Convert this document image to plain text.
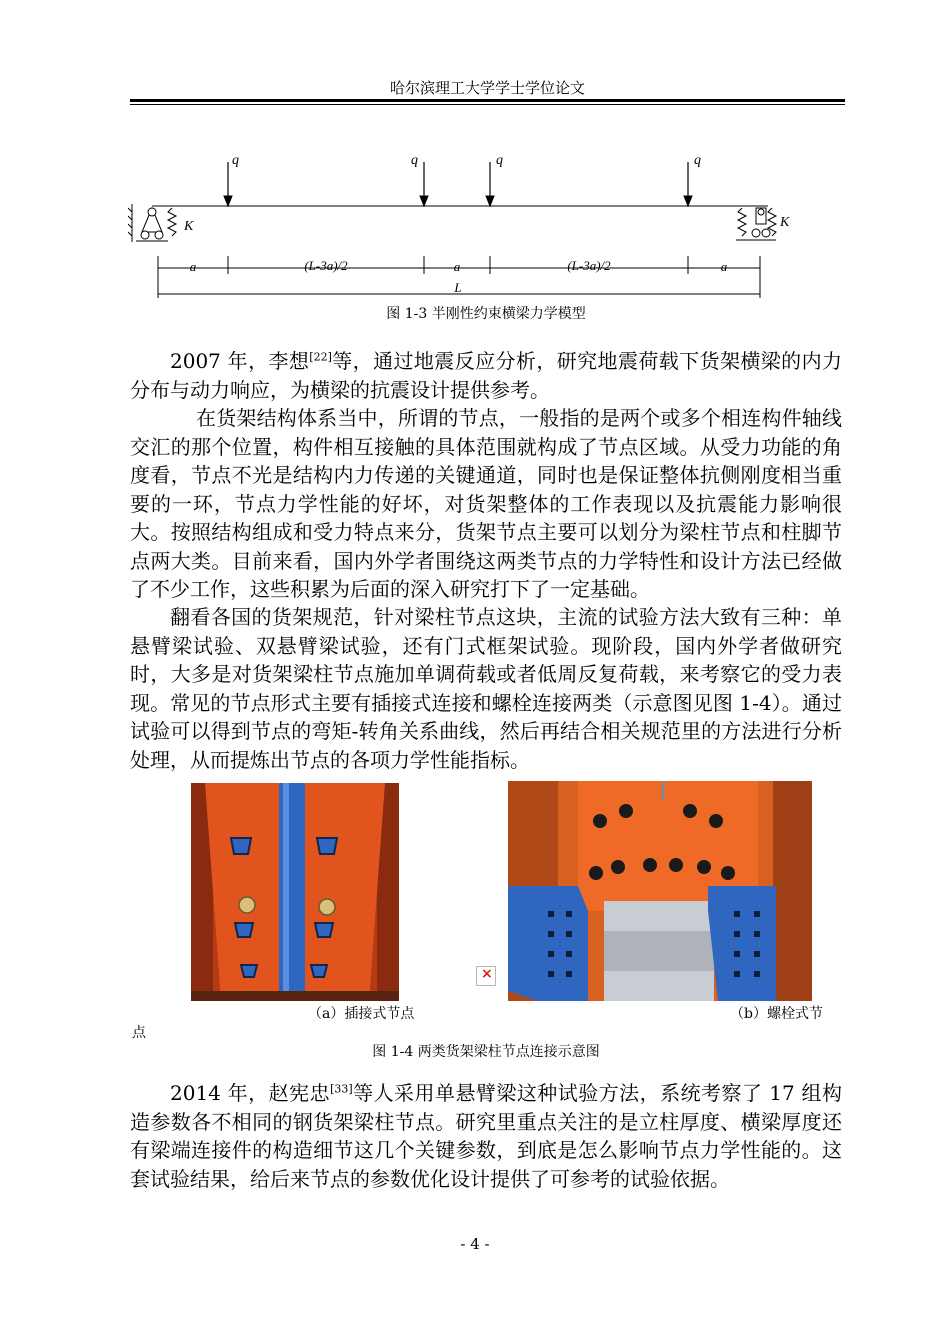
哈尔滨理工大学学士学位论文
q	q	q	q
K	K
a	(L-3a)/2	a	(L-3a)/2	a
L
图 1-3 半刚性约束横梁力学模型

2007 年，李想[22]等，通过地震反应分析，研究地震荷载下货架横梁的内力分布与动力响应，为横梁的抗震设计提供参考。

在货架结构体系当中，所谓的节点，一般指的是两个或多个相连构件轴线交汇的那个位置，构件相互接触的具体范围就构成了节点区域。从受力功能的角度看，节点不光是结构内力传递的关键通道，同时也是保证整体抗侧刚度相当重要的一环，节点力学性能的好坏，对货架整体的工作表现以及抗震能力影响很大。按照结构组成和受力特点来分，货架节点主要可以划分为梁柱节点和柱脚节点两大类。目前来看，国内外学者围绕这两类节点的力学特性和设计方法已经做了不少工作，这些积累为后面的深入研究打下了一定基础。

翻看各国的货架规范，针对梁柱节点这块，主流的试验方法大致有三种：单悬臂梁试验、双悬臂梁试验，还有门式框架试验。现阶段，国内外学者做研究时，大多是对货架梁柱节点施加单调荷载或者低周反复荷载，来考察它的受力表现。常见的节点形式主要有插接式连接和螺栓连接两类（示意图见图 1-4）。通过试验可以得到节点的弯矩-转角关系曲线，然后再结合相关规范里的方法进行分析处理，从而提炼出节点的各项力学性能指标。

×
（a）插接式节点	（b）螺栓式节
点
图 1-4 两类货架梁柱节点连接示意图

2014 年，赵宪忠[33]等人采用单悬臂梁这种试验方法，系统考察了 17 组构造参数各不相同的钢货架梁柱节点。研究里重点关注的是立柱厚度、横梁厚度还有梁端连接件的构造细节这几个关键参数，到底是怎么影响节点力学性能的。这套试验结果，给后来节点的参数优化设计提供了可参考的试验依据。

- 4 -
